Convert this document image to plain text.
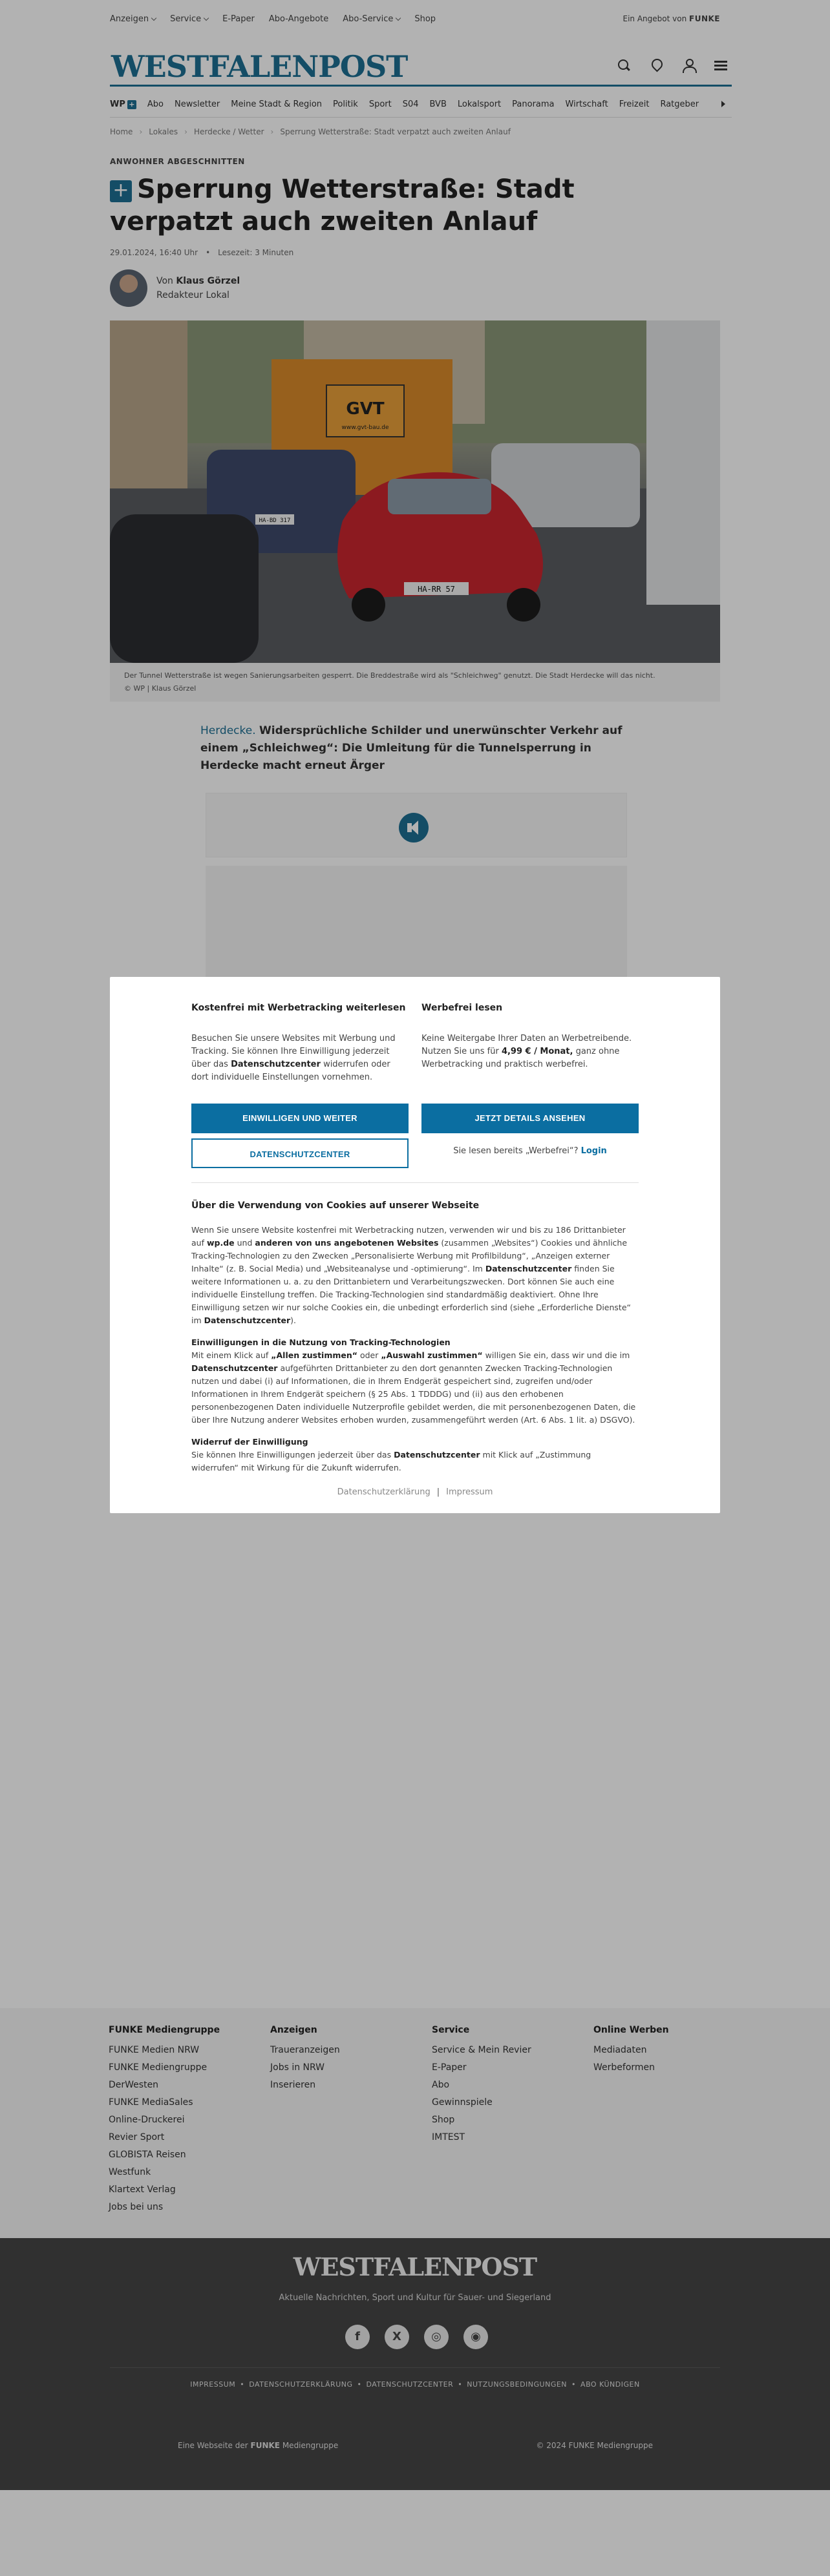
Anzeigen	Service	E-Paper Abo-Angebote Abo-Service	Shop	Ein Angebot von FUNKE
WESTFALENPOST
WP + Abo Newsletter Meine Stadt & Region Politik Sport S04 BVB Lokalsport Panorama Wirtschaft Freizeit Ratgeber
Home › Lokales › Herdecke / Wetter › Sperrung Wetterstraße: Stadt verpatzt auch zweiten Anlauf
ANWOHNER ABGESCHNITTEN
+ Sperrung Wetterstraße: Stadt verpatzt auch zweiten Anlauf
29.01.2024, 16:40 Uhr • Lesezeit: 3 Minuten
Von Klaus Görzel
Redakteur Lokal
GVT
www.gvt-bau.de
HA-BD 317
HA-RR 57
Der Tunnel Wetterstraße ist wegen Sanierungsarbeiten gesperrt. Die Breddestraße wird als "Schleichweg" genutzt. Die Stadt Herdecke will das nicht.
© WP | Klaus Görzel

Herdecke. Widersprüchliche Schilder und unerwünschter Verkehr auf einem „Schleichweg“: Die Umleitung für die Tunnelsperrung in Herdecke macht erneut Ärger

FUNKE Mediengruppe
FUNKE Medien NRW
FUNKE Mediengruppe
DerWesten
FUNKE MediaSales
Online-Druckerei
Revier Sport
GLOBISTA Reisen
Westfunk
Klartext Verlag
Jobs bei uns
Anzeigen
Traueranzeigen
Jobs in NRW
Inserieren
Service
Service & Mein Revier
E-Paper
Abo
Gewinnspiele
Shop
IMTEST
Online Werben
Mediadaten
Werbeformen
WESTFALENPOST
Aktuelle Nachrichten, Sport und Kultur für Sauer- und Siegerland
f	X	◎	◉
IMPRESSUM • DATENSCHUTZERKLÄRUNG • DATENSCHUTZCENTER • NUTZUNGSBEDINGUNGEN • ABO KÜNDIGEN
Eine Webseite der FUNKE Mediengruppe	© 2024 FUNKE Mediengruppe
Kostenfrei mit Werbetracking weiterlesen

Besuchen Sie unsere Websites mit Werbung und Tracking. Sie können Ihre Einwilligung jederzeit über das Datenschutzcenter widerrufen oder dort individuelle Einstellungen vornehmen.

Werbefrei lesen

Keine Weitergabe Ihrer Daten an Werbetreibende. Nutzen Sie uns für 4,99 € / Monat, ganz ohne Werbetracking und praktisch werbefrei.

EINWILLIGEN UND WEITER	JETZT DETAILS ANSEHEN
DATENSCHUTZCENTER	Sie lesen bereits „Werbefrei“? Login
Über die Verwendung von Cookies auf unserer Webseite

Wenn Sie unsere Website kostenfrei mit Werbetracking nutzen, verwenden wir und bis zu 186 Drittanbieter auf wp.de und anderen von uns angebotenen Websites (zusammen „Websites“) Cookies und ähnliche Tracking-Technologien zu den Zwecken „Personalisierte Werbung mit Profilbildung“, „Anzeigen externer Inhalte“ (z. B. Social Media) und „Websiteanalyse und -optimierung“. Im Datenschutzcenter finden Sie weitere Informationen u. a. zu den Drittanbietern und Verarbeitungszwecken. Dort können Sie auch eine individuelle Einstellung treffen. Die Tracking-Technologien sind standardmäßig deaktiviert. Ohne Ihre Einwilligung setzen wir nur solche Cookies ein, die unbedingt erforderlich sind (siehe „Erforderliche Dienste“ im Datenschutzcenter).

Einwilligungen in die Nutzung von Tracking-Technologien

Mit einem Klick auf „Allen zustimmen“ oder „Auswahl zustimmen“ willigen Sie ein, dass wir und die im Datenschutzcenter aufgeführten Drittanbieter zu den dort genannten Zwecken Tracking-Technologien nutzen und dabei (i) auf Informationen, die in Ihrem Endgerät gespeichert sind, zugreifen und/oder Informationen in Ihrem Endgerät speichern (§ 25 Abs. 1 TDDDG) und (ii) aus den erhobenen personenbezogenen Daten individuelle Nutzerprofile gebildet werden, die mit personenbezogenen Daten, die über Ihre Nutzung anderer Websites erhoben wurden, zusammengeführt werden (Art. 6 Abs. 1 lit. a) DSGVO).

Widerruf der Einwilligung

Sie können Ihre Einwilligungen jederzeit über das Datenschutzcenter mit Klick auf „Zustimmung widerrufen“ mit Wirkung für die Zukunft widerrufen.

Datenschutzerklärung | Impressum
